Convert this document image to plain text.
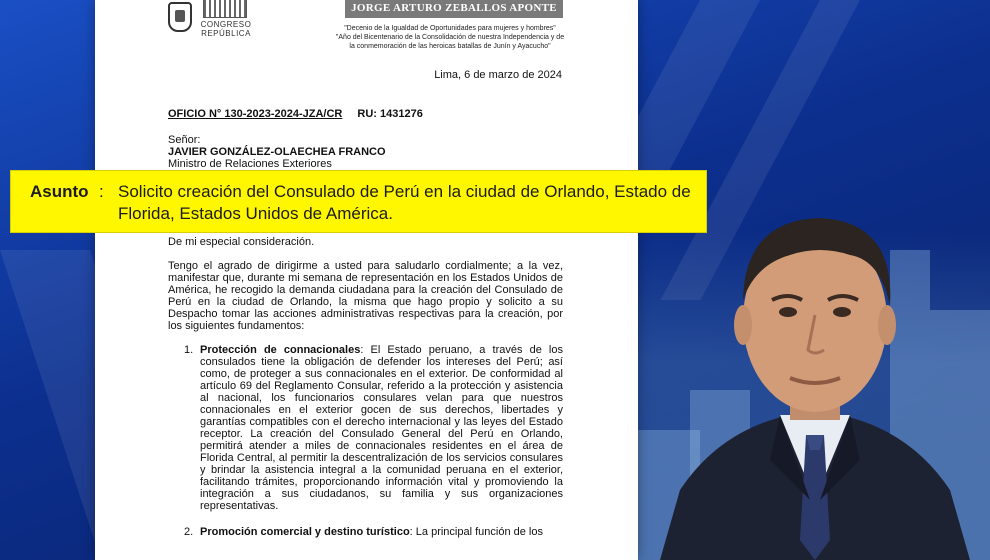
CONGRESO
REPÚBLICA
JORGE ARTURO ZEBALLOS APONTE
"Decenio de la Igualdad de Oportunidades para mujeres y hombres"
"Año del Bicentenario de la Consolidación de nuestra Independencia y de
la conmemoración de las heroicas batallas de Junín y Ayacucho"
Lima, 6 de marzo de 2024
OFICIO N° 130-2023-2024-JZA/CR RU: 1431276
Señor:
JAVIER GONZÁLEZ-OLAECHEA FRANCO
Ministro de Relaciones Exteriores

De mi especial consideración.

Tengo el agrado de dirigirme a usted para saludarlo cordialmente; a la vez, manifestar que, durante mi semana de representación en los Estados Unidos de América, he recogido la demanda ciudadana para la creación del Consulado de Perú en la ciudad de Orlando, la misma que hago propio y solicito a su Despacho tomar las acciones administrativas respectivas para la creación, por los siguientes fundamentos:

1. Protección de connacionales: El Estado peruano, a través de los consulados tiene la obligación de defender los intereses del Perú; así como, de proteger a sus connacionales en el exterior. De conformidad al artículo 69 del Reglamento Consular, referido a la protección y asistencia al nacional, los funcionarios consulares velan para que nuestros connacionales en el exterior gocen de sus derechos, libertades y garantías compatibles con el derecho internacional y las leyes del Estado receptor. La creación del Consulado General del Perú en Orlando, permitirá atender a miles de connacionales residentes en el área de Florida Central, al permitir la descentralización de los servicios consulares y brindar la asistencia integral a la comunidad peruana en el exterior, facilitando trámites, proporcionando información vital y promoviendo la integración a sus ciudadanos, su familia y sus organizaciones representativas.
2. Promoción comercial y destino turístico: La principal función de los
Asunto : Solicito creación del Consulado de Perú en la ciudad de Orlando, Estado de Florida, Estados Unidos de América.
